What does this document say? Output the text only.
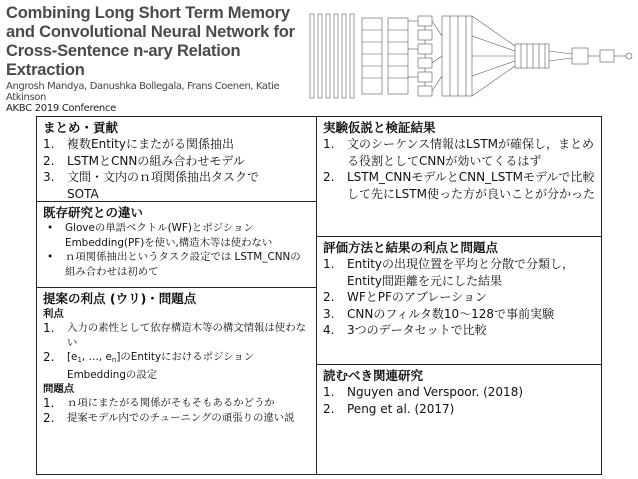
Combining Long Short Term Memory and Convolutional Neural Network for Cross-Sentence n-ary Relation Extraction
Angrosh Mandya, Danushka Bollegala, Frans Coenen, Katie Atkinson
AKBC 2019 Conference
まとめ・貢献
1. 複数Entityにまたがる関係抽出
2. LSTMとCNNの組み合わせモデル
3. 文間・文内のｎ項関係抽出タスクでSOTA
既存研究との違い
• Gloveの単語ベクトル(WF)とポジションEmbedding(PF)を使い,構造木等は使わない
• ｎ項関係抽出というタスク設定では LSTM_CNNの組み合わせは初めて
提案の利点 (ウリ)・問題点
利点
1. 入力の素性として依存構造木等の構文情報は使わない
2. [$e_1$, …, $e_n$]のEntityにおけるポジションEmbeddingの設定
問題点
1. ｎ項にまたがる関係がそもそもあるかどうか
2. 提案モデル内でのチューニングの頑張りの違い説
実験仮説と検証結果
1. 文のシーケンス情報はLSTMが確保し，まとめる役割としてCNNが効いてくるはず
2. LSTM_CNNモデルとCNN_LSTMモデルで比較して先にLSTM使った方が良いことが分かった
評価方法と結果の利点と問題点
1. Entityの出現位置を平均と分散で分類し，Entity間距離を元にした結果
2. WFとPFのアブレーション
3. CNNのフィルタ数10～128で事前実験
4. 3つのデータセットで比較
読むべき関連研究
1. Nguyen and Verspoor. (2018)
2. Peng et al. (2017)
